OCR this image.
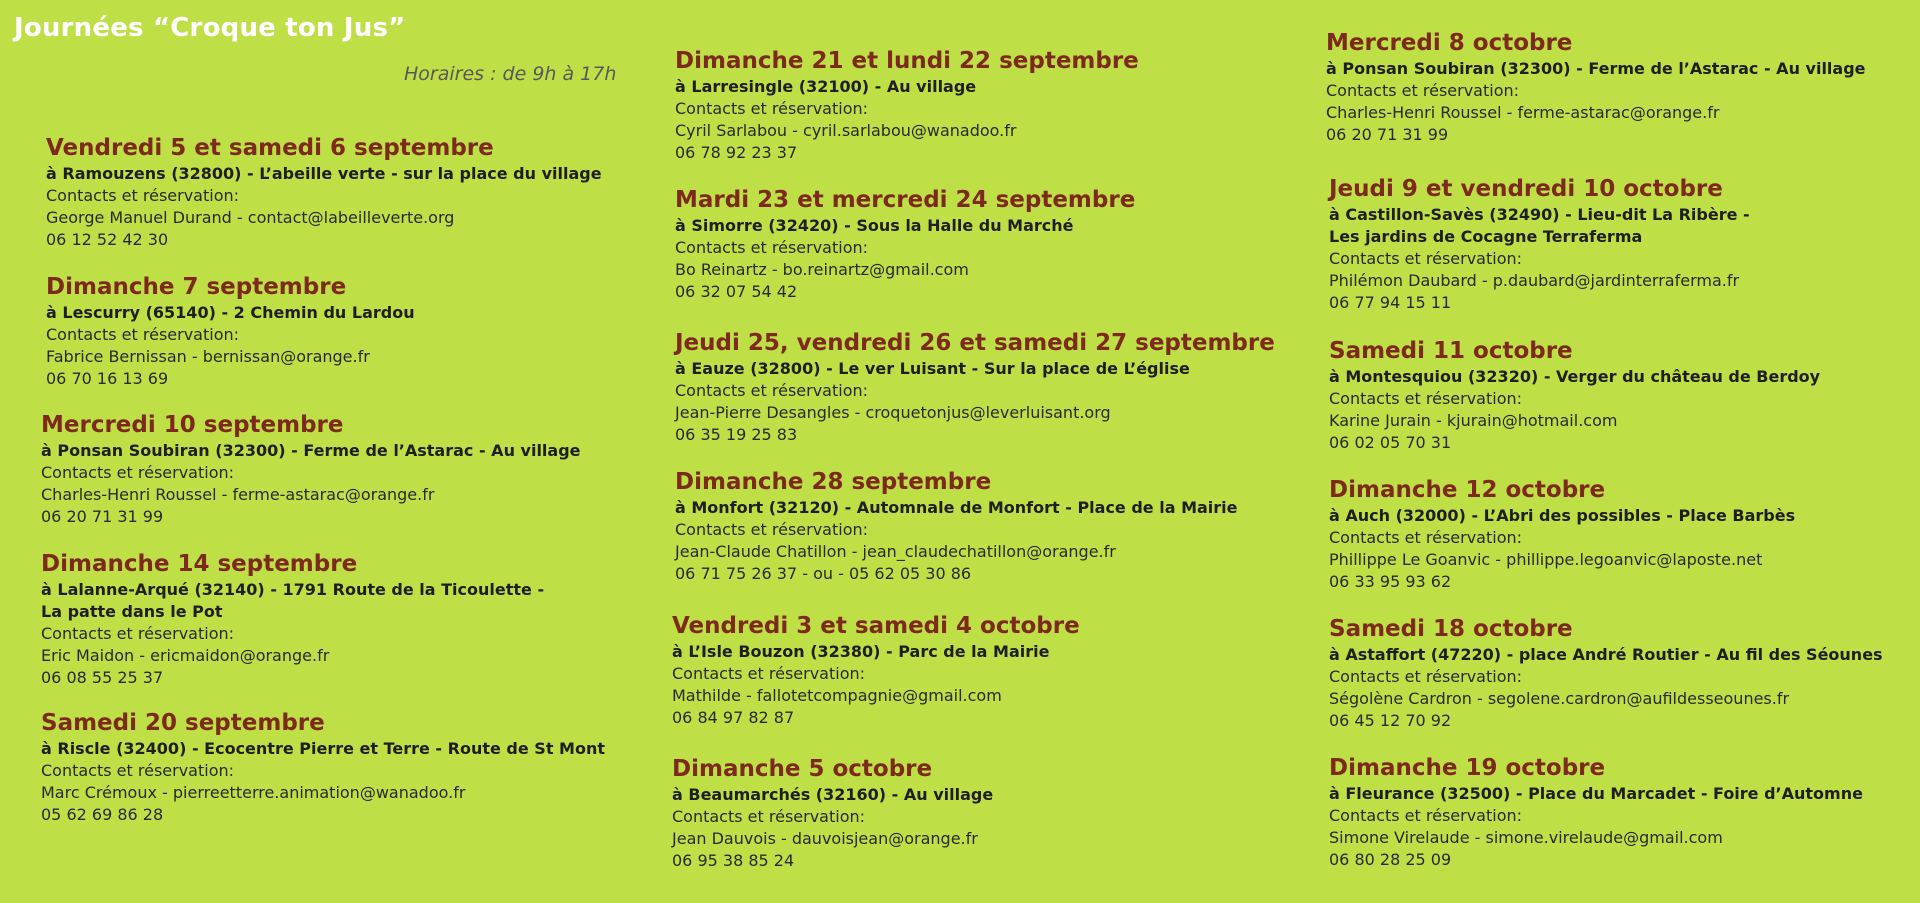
Journées “Croque ton Jus”
Horaires : de 9h à 17h
Vendredi 5 et samedi 6 septembre
à Ramouzens (32800) - L’abeille verte - sur la place du village
Contacts et réservation:
George Manuel Durand - contact@labeilleverte.org
06 12 52 42 30
Dimanche 7 septembre
à Lescurry (65140) - 2 Chemin du Lardou
Contacts et réservation:
Fabrice Bernissan - bernissan@orange.fr
06 70 16 13 69
Mercredi 10 septembre
à Ponsan Soubiran (32300) - Ferme de l’Astarac - Au village
Contacts et réservation:
Charles-Henri Roussel - ferme-astarac@orange.fr
06 20 71 31 99
Dimanche 14 septembre
à Lalanne-Arqué (32140) - 1791 Route de la Ticoulette -
La patte dans le Pot
Contacts et réservation:
Eric Maidon - ericmaidon@orange.fr
06 08 55 25 37
Samedi 20 septembre
à Riscle (32400) - Ecocentre Pierre et Terre - Route de St Mont
Contacts et réservation:
Marc Crémoux - pierreetterre.animation@wanadoo.fr
05 62 69 86 28
Dimanche 21 et lundi 22 septembre
à Larresingle (32100) - Au village
Contacts et réservation:
Cyril Sarlabou - cyril.sarlabou@wanadoo.fr
06 78 92 23 37
Mardi 23 et mercredi 24 septembre
à Simorre (32420) - Sous la Halle du Marché
Contacts et réservation:
Bo Reinartz - bo.reinartz@gmail.com
06 32 07 54 42
Jeudi 25, vendredi 26 et samedi 27 septembre
à Eauze (32800) - Le ver Luisant - Sur la place de L’église
Contacts et réservation:
Jean-Pierre Desangles - croquetonjus@leverluisant.org
06 35 19 25 83
Dimanche 28 septembre
à Monfort (32120) - Automnale de Monfort - Place de la Mairie
Contacts et réservation:
Jean-Claude Chatillon - jean_claudechatillon@orange.fr
06 71 75 26 37 - ou - 05 62 05 30 86
Vendredi 3 et samedi 4 octobre
à L’Isle Bouzon (32380) - Parc de la Mairie
Contacts et réservation:
Mathilde - fallotetcompagnie@gmail.com
06 84 97 82 87
Dimanche 5 octobre
à Beaumarchés (32160) - Au village
Contacts et réservation:
Jean Dauvois - dauvoisjean@orange.fr
06 95 38 85 24
Mercredi 8 octobre
à Ponsan Soubiran (32300) - Ferme de l’Astarac - Au village
Contacts et réservation:
Charles-Henri Roussel - ferme-astarac@orange.fr
06 20 71 31 99
Jeudi 9 et vendredi 10 octobre
à Castillon-Savès (32490) - Lieu-dit La Ribère -
Les jardins de Cocagne Terraferma
Contacts et réservation:
Philémon Daubard - p.daubard@jardinterraferma.fr
06 77 94 15 11
Samedi 11 octobre
à Montesquiou (32320) - Verger du château de Berdoy
Contacts et réservation:
Karine Jurain - kjurain@hotmail.com
06 02 05 70 31
Dimanche 12 octobre
à Auch (32000) - L’Abri des possibles - Place Barbès
Contacts et réservation:
Phillippe Le Goanvic - phillippe.legoanvic@laposte.net
06 33 95 93 62
Samedi 18 octobre
à Astaffort (47220) - place André Routier - Au fil des Séounes
Contacts et réservation:
Ségolène Cardron - segolene.cardron@aufildesseounes.fr
06 45 12 70 92
Dimanche 19 octobre
à Fleurance (32500) - Place du Marcadet - Foire d’Automne
Contacts et réservation:
Simone Virelaude - simone.virelaude@gmail.com
06 80 28 25 09
